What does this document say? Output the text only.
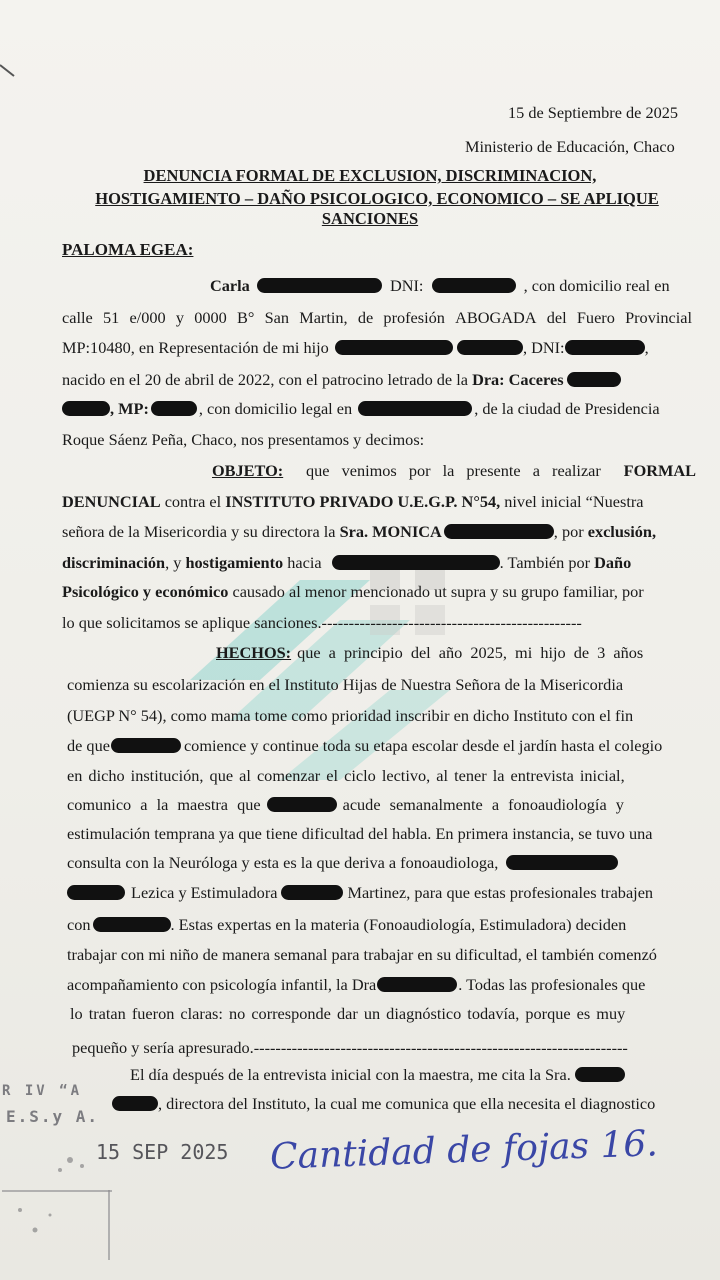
15 de Septiembre de 2025
Ministerio de Educación, Chaco
DENUNCIA FORMAL DE EXCLUSION, DISCRIMINACION,
HOSTIGAMIENTO – DAÑO PSICOLOGICO, ECONOMICO – SE APLIQUE
SANCIONES
PALOMA EGEA:
Carla	DNI:	, con domicilio real en
calle 51 e/000 y 0000 B° San Martin, de profesión ABOGADA del Fuero Provincial
MP:10480, en Representación de mi hijo	, DNI:	,
nacido en el 20 de abril de 2022, con el patrocino letrado de la Dra: Caceres
, MP:	, con domicilio legal en	, de la ciudad de Presidencia
Roque Sáenz Peña, Chaco, nos presentamos y decimos:
OBJETO: que venimos por la presente a realizar FORMAL
DENUNCIAL contra el INSTITUTO PRIVADO U.E.G.P. N°54, nivel inicial “Nuestra
señora de la Misericordia y su directora la Sra. MONICA	, por exclusión,
discriminación, y hostigamiento hacia	. También por Daño
Psicológico y económico causado al menor mencionado ut supra y su grupo familiar, por
lo que solicitamos se aplique sanciones.------------------------------------------------
HECHOS: que a principio del año 2025, mi hijo de 3 años
comienza su escolarización en el Instituto Hijas de Nuestra Señora de la Misericordia
(UEGP N° 54), como mama tome como prioridad inscribir en dicho Instituto con el fin
de que	comience y continue toda su etapa escolar desde el jardín hasta el colegio
en dicho institución, que al comenzar el ciclo lectivo, al tener la entrevista inicial,
comunico a la maestra que	acude semanalmente a fonoaudiología y
estimulación temprana ya que tiene dificultad del habla. En primera instancia, se tuvo una
consulta con la Neuróloga y esta es la que deriva a fonoaudiologa,
Lezica y Estimuladora	Martinez, para que estas profesionales trabajen
con	. Estas expertas en la materia (Fonoaudiología, Estimuladora) deciden
trabajar con mi niño de manera semanal para trabajar en su dificultad, el también comenzó
acompañamiento con psicología infantil, la Dra	. Todas las profesionales que
lo tratan fueron claras: no corresponde dar un diagnóstico todavía, porque es muy
pequeño y sería apresurado.---------------------------------------------------------------------
El día después de la entrevista inicial con la maestra, me cita la Sra.
, directora del Instituto, la cual me comunica que ella necesita el diagnostico
R IV “A
E.S.y A.
15 SEP 2025 Cantidad de fojas 16.
